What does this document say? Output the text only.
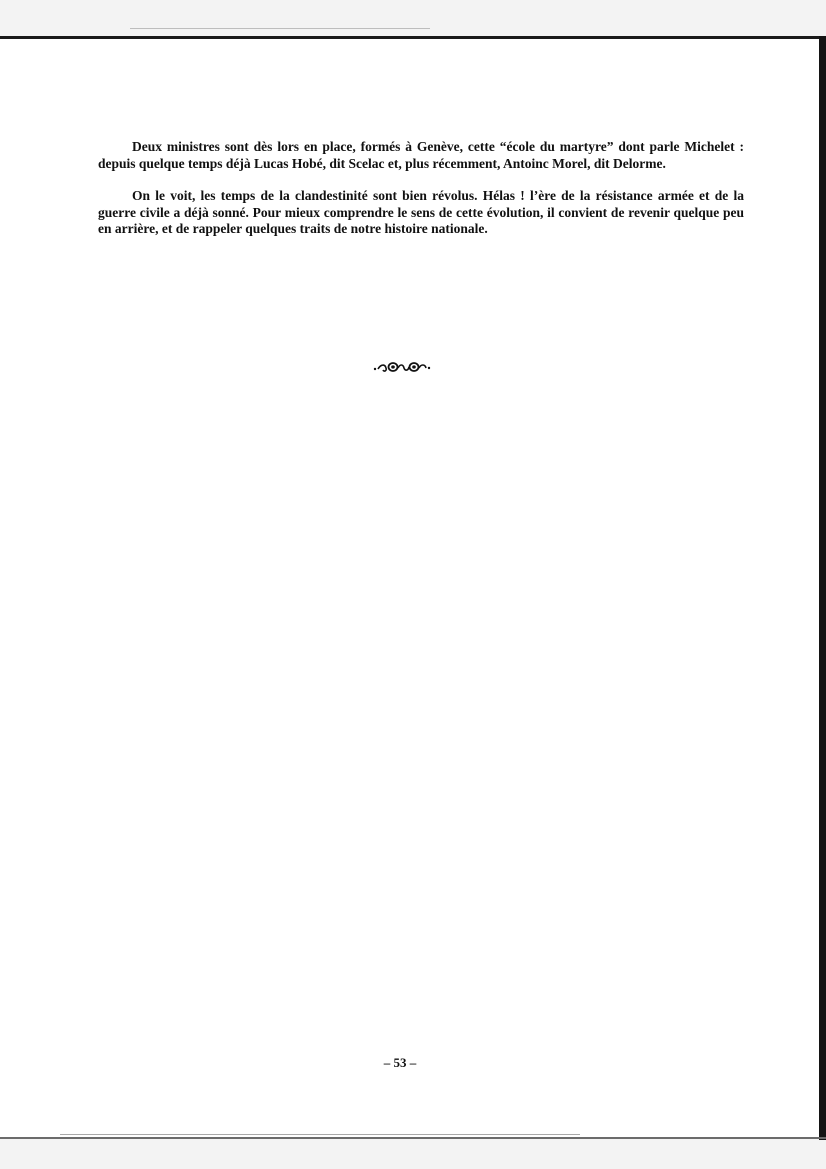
Deux ministres sont dès lors en place, formés à Genève, cette “école du martyre” dont parle Michelet : depuis quelque temps déjà Lucas Hobé, dit Scelac et, plus récemment, Antoinc Morel, dit Delorme.

On le voit, les temps de la clandestinité sont bien révolus. Hélas ! l’ère de la résistance armée et de la guerre civile a déjà sonné. Pour mieux comprendre le sens de cette évolution, il convient de revenir quelque peu en arrière, et de rappeler quelques traits de notre histoire nationale.

– 53 –
